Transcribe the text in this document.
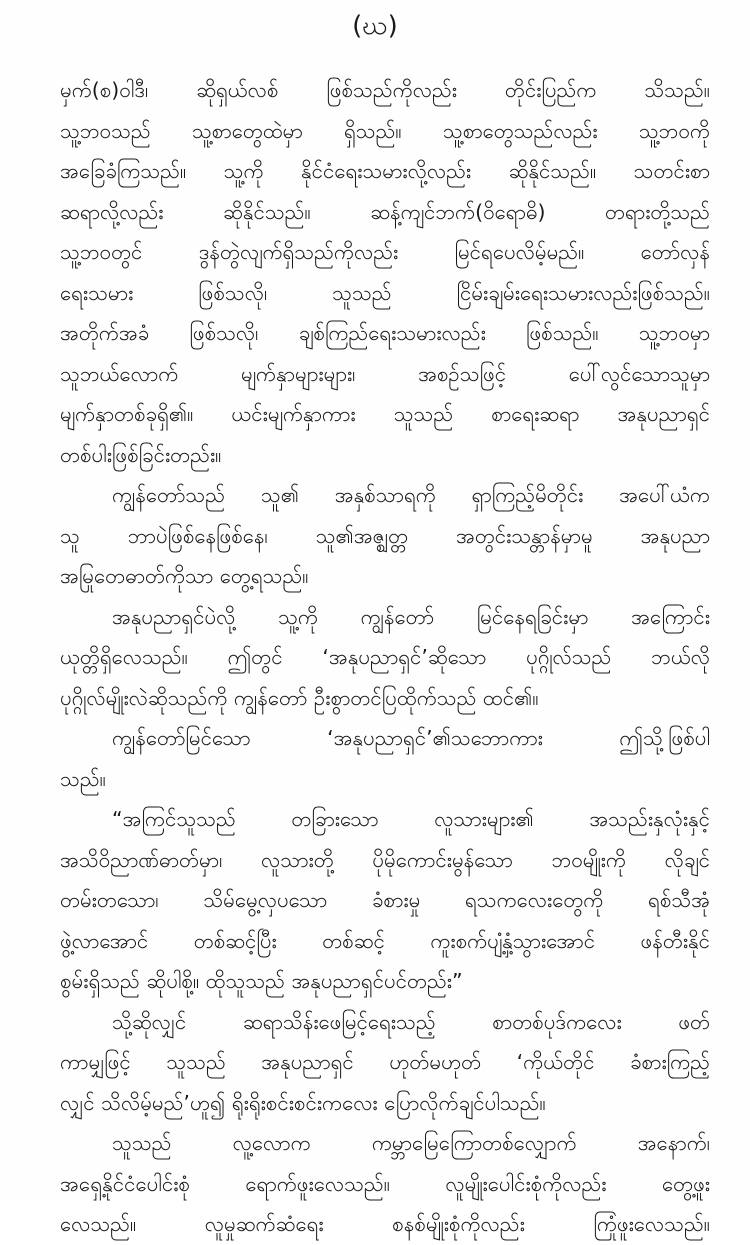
(ဃ)
မှက်(စ)ဝါဒီ၊ ဆိုရှယ်လစ် ဖြစ်သည်ကိုလည်း တိုင်းပြည်က သိသည်။
သူ့ဘဝသည် သူ့စာတွေထဲမှာ ရှိသည်။ သူ့စာတွေသည်လည်း သူ့ဘဝကို
အခြေခံကြသည်။ သူ့ကို နိုင်ငံရေးသမားလို့လည်း ဆိုနိုင်သည်။ သတင်းစာ
ဆရာလို့လည်း ဆိုနိုင်သည်။ ဆန့်ကျင်ဘက်(ဝိရောဓိ) တရားတို့သည်
သူ့ဘဝတွင် ဒွန်တွဲလျက်ရှိသည်ကိုလည်း မြင်ရပေလိမ့်မည်။ တော်လှန်
ရေးသမား ဖြစ်သလို၊ သူသည် ငြိမ်းချမ်းရေးသမားလည်းဖြစ်သည်။
အတိုက်အခံ ဖြစ်သလို၊ ချစ်ကြည်ရေးသမားလည်း ဖြစ်သည်။ သူ့ဘဝမှာ
သူဘယ်လောက် မျက်နှာများများ၊ အစဉ်သဖြင့် ပေါ်လွင်သောသူမှာ
မျက်နှာတစ်ခုရှိ၏။ ယင်းမျက်နှာကား သူသည် စာရေးဆရာ အနုပညာရှင်
တစ်ပါးဖြစ်ခြင်းတည်း။
ကျွန်တော်သည် သူ၏ အနှစ်သာရကို ရှာကြည့်မိတိုင်း အပေါ်ယံက
သူ ဘာပဲဖြစ်နေဖြစ်နေ၊ သူ၏အဇ္ဈတ္တ အတွင်းသန္တာန်မှာမူ အနုပညာ
အမြုတေဓာတ်ကိုသာ တွေ့ရသည်။
အနုပညာရှင်ပဲလို့ သူ့ကို ကျွန်တော် မြင်နေရခြင်းမှာ အကြောင်း
ယုတ္တိရှိလေသည်။ ဤတွင် ‘အနုပညာရှင်’ဆိုသော ပုဂ္ဂိုလ်သည် ဘယ်လို
ပုဂ္ဂိုလ်မျိုးလဲဆိုသည်ကို ကျွန်တော် ဦးစွာတင်ပြထိုက်သည် ထင်၏။
ကျွန်တော်မြင်သော ‘အနုပညာရှင်’၏သဘောကား ဤသို့ဖြစ်ပါ
သည်။
“အကြင်သူသည် တခြားသော လူသားများ၏ အသည်းနှလုံးနှင့်
အသိဝိညာဏ်ဓာတ်မှာ၊ လူသားတို့ ပိုမိုကောင်းမွန်သော ဘဝမျိုးကို လိုချင်
တမ်းတသော၊ သိမ်မွေ့လှပသော ခံစားမှု ရသကလေးတွေကို ရစ်သီအုံ
ဖွဲ့လာအောင် တစ်ဆင့်ပြီး တစ်ဆင့် ကူးစက်ပျံ့နှံ့သွားအောင် ဖန်တီးနိုင်
စွမ်းရှိသည် ဆိုပါစို့။ ထိုသူသည် အနုပညာရှင်ပင်တည်း”
သို့ဆိုလျှင် ဆရာသိန်းဖေမြင့်ရေးသည့် စာတစ်ပုဒ်ကလေး ဖတ်
ကာမျှဖြင့် သူသည် အနုပညာရှင် ဟုတ်မဟုတ် ‘ကိုယ်တိုင် ခံစားကြည့်
လျှင် သိလိမ့်မည်’ဟူ၍ ရိုးရိုးစင်းစင်းကလေး ပြောလိုက်ချင်ပါသည်။
သူသည် လူ့လောက ကမ္ဘာမြေကြောတစ်လျှောက် အနောက်၊
အရှေ့နိုင်ငံပေါင်းစုံ ရောက်ဖူးလေသည်။ လူမျိုးပေါင်းစုံကိုလည်း တွေ့ဖူး
လေသည်။ လူမှုဆက်ဆံရေး စနစ်မျိုးစုံကိုလည်း ကြုံဖူးလေသည်။
